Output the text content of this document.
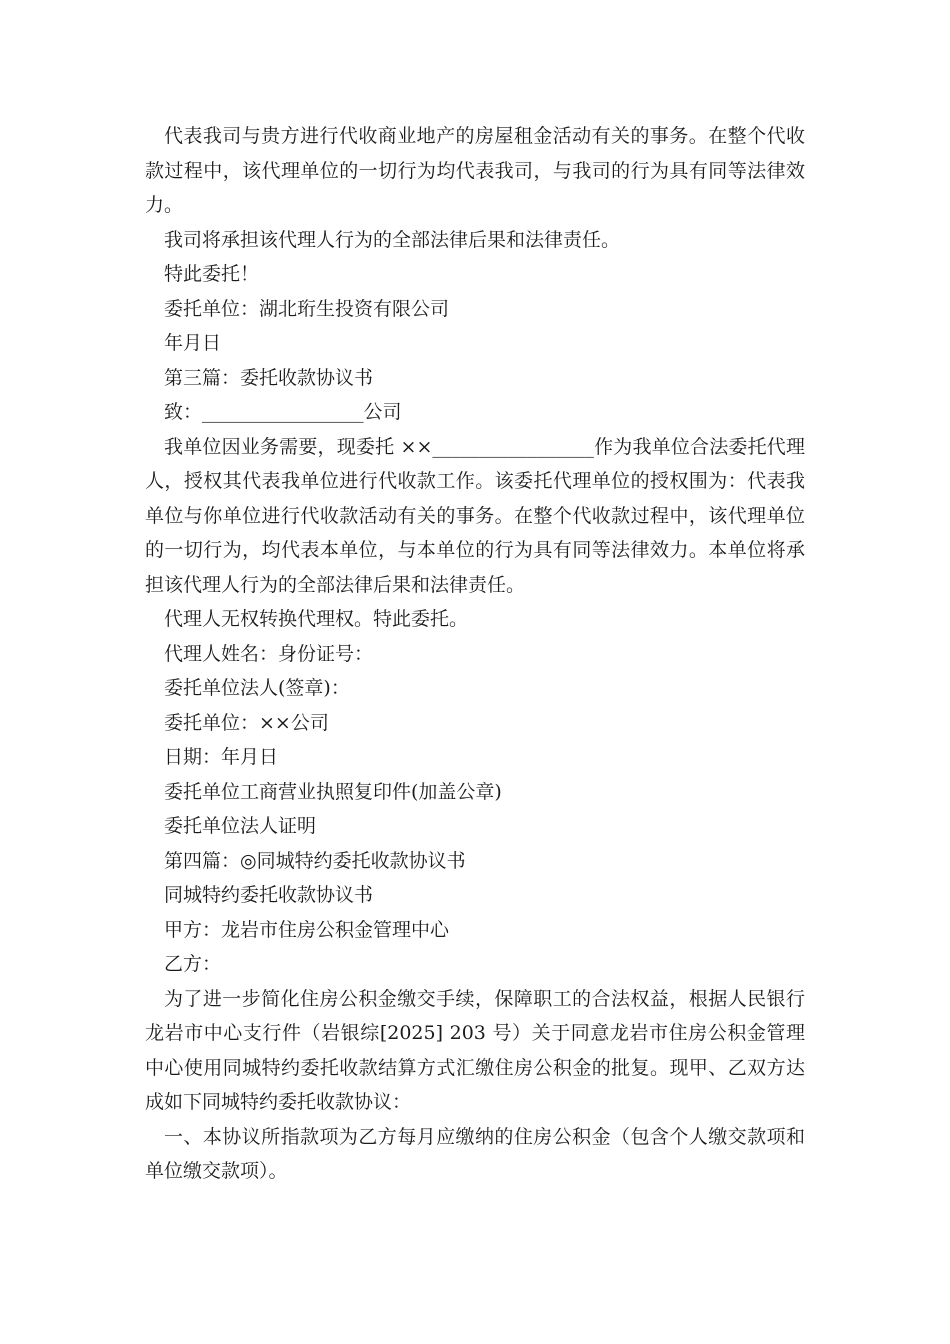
代表我司与贵方进行代收商业地产的房屋租金活动有关的事务。在整个代收款过程中，该代理单位的一切行为均代表我司，与我司的行为具有同等法律效力。

我司将承担该代理人行为的全部法律后果和法律责任。

特此委托！

委托单位：湖北珩生投资有限公司

年月日

第三篇：委托收款协议书

致：_________________公司

我单位因业务需要，现委托 ××_________________作为我单位合法委托代理人，授权其代表我单位进行代收款工作。该委托代理单位的授权围为：代表我单位与你单位进行代收款活动有关的事务。在整个代收款过程中，该代理单位的一切行为，均代表本单位，与本单位的行为具有同等法律效力。本单位将承担该代理人行为的全部法律后果和法律责任。

代理人无权转换代理权。特此委托。

代理人姓名：身份证号：

委托单位法人(签章)：

委托单位：××公司

日期：年月日

委托单位工商营业执照复印件(加盖公章)

委托单位法人证明

第四篇：◎同城特约委托收款协议书

同城特约委托收款协议书

甲方：龙岩市住房公积金管理中心

乙方：

为了进一步简化住房公积金缴交手续，保障职工的合法权益，根据人民银行龙岩市中心支行件（岩银综[2025] 203 号）关于同意龙岩市住房公积金管理中心使用同城特约委托收款结算方式汇缴住房公积金的批复。现甲、乙双方达成如下同城特约委托收款协议：

一、本协议所指款项为乙方每月应缴纳的住房公积金（包含个人缴交款项和单位缴交款项）。
